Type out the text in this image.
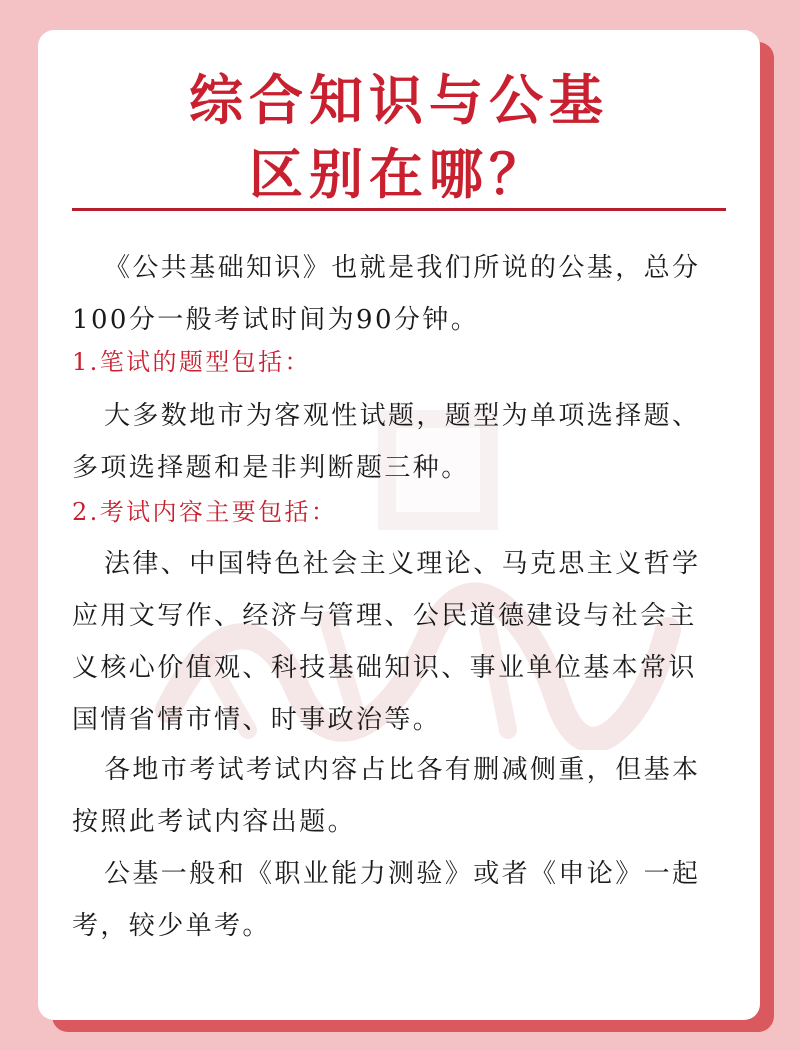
综合知识与公基
区别在哪？

《公共基础知识》也就是我们所说的公基，总分100分一般考试时间为90分钟。

1.笔试的题型包括：

大多数地市为客观性试题，题型为单项选择题、多项选择题和是非判断题三种。

2.考试内容主要包括：

法律、中国特色社会主义理论、马克思主义哲学应用文写作、经济与管理、公民道德建设与社会主义核心价值观、科技基础知识、事业单位基本常识国情省情市情、时事政治等。

各地市考试考试内容占比各有删减侧重，但基本按照此考试内容出题。

公基一般和《职业能力测验》或者《申论》一起考，较少单考。
